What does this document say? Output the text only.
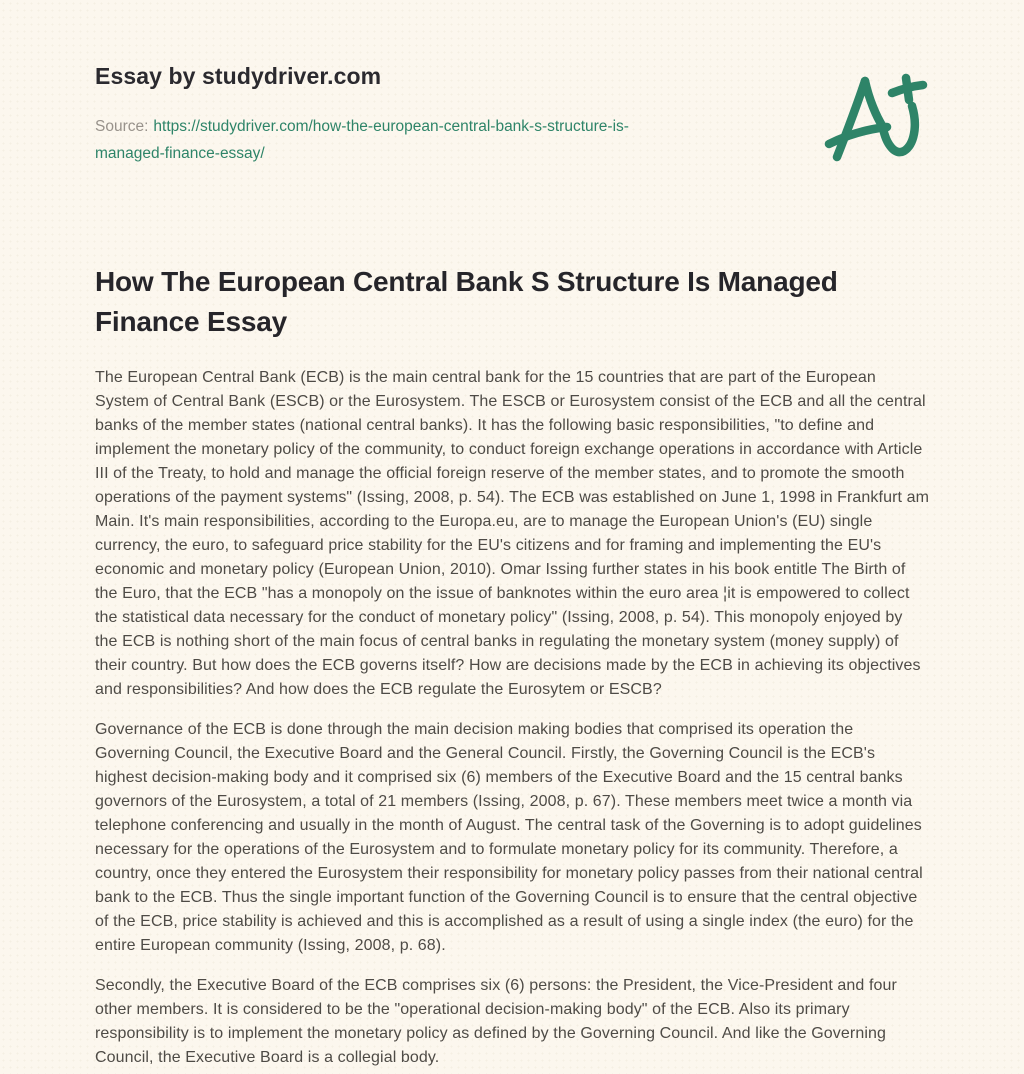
Essay by studydriver.com

Source: https://studydriver.com/how-the-european-central-bank-s-structure-is-managed-finance-essay/

How The European Central Bank S Structure Is Managed Finance Essay

The European Central Bank (ECB) is the main central bank for the 15 countries that are part of the European System of Central Bank (ESCB) or the Eurosystem. The ESCB or Eurosystem consist of the ECB and all the central banks of the member states (national central banks). It has the following basic responsibilities, "to define and implement the monetary policy of the community, to conduct foreign exchange operations in accordance with Article III of the Treaty, to hold and manage the official foreign reserve of the member states, and to promote the smooth operations of the payment systems" (Issing, 2008, p. 54). The ECB was established on June 1, 1998 in Frankfurt am Main. It's main responsibilities, according to the Europa.eu, are to manage the European Union's (EU) single currency, the euro, to safeguard price stability for the EU's citizens and for framing and implementing the EU's economic and monetary policy (European Union, 2010). Omar Issing further states in his book entitle The Birth of the Euro, that the ECB "has a monopoly on the issue of banknotes within the euro area ¦it is empowered to collect the statistical data necessary for the conduct of monetary policy" (Issing, 2008, p. 54). This monopoly enjoyed by the ECB is nothing short of the main focus of central banks in regulating the monetary system (money supply) of their country. But how does the ECB governs itself? How are decisions made by the ECB in achieving its objectives and responsibilities? And how does the ECB regulate the Eurosytem or ESCB?

Governance of the ECB is done through the main decision making bodies that comprised its operation the Governing Council, the Executive Board and the General Council. Firstly, the Governing Council is the ECB's highest decision-making body and it comprised six (6) members of the Executive Board and the 15 central banks governors of the Eurosystem, a total of 21 members (Issing, 2008, p. 67). These members meet twice a month via telephone conferencing and usually in the month of August. The central task of the Governing is to adopt guidelines necessary for the operations of the Eurosystem and to formulate monetary policy for its community. Therefore, a country, once they entered the Eurosystem their responsibility for monetary policy passes from their national central bank to the ECB. Thus the single important function of the Governing Council is to ensure that the central objective of the ECB, price stability is achieved and this is accomplished as a result of using a single index (the euro) for the entire European community (Issing, 2008, p. 68).

Secondly, the Executive Board of the ECB comprises six (6) persons: the President, the Vice-President and four other members. It is considered to be the "operational decision-making body" of the ECB. Also its primary responsibility is to implement the monetary policy as defined by the Governing Council. And like the Governing Council, the Executive Board is a collegial body.
